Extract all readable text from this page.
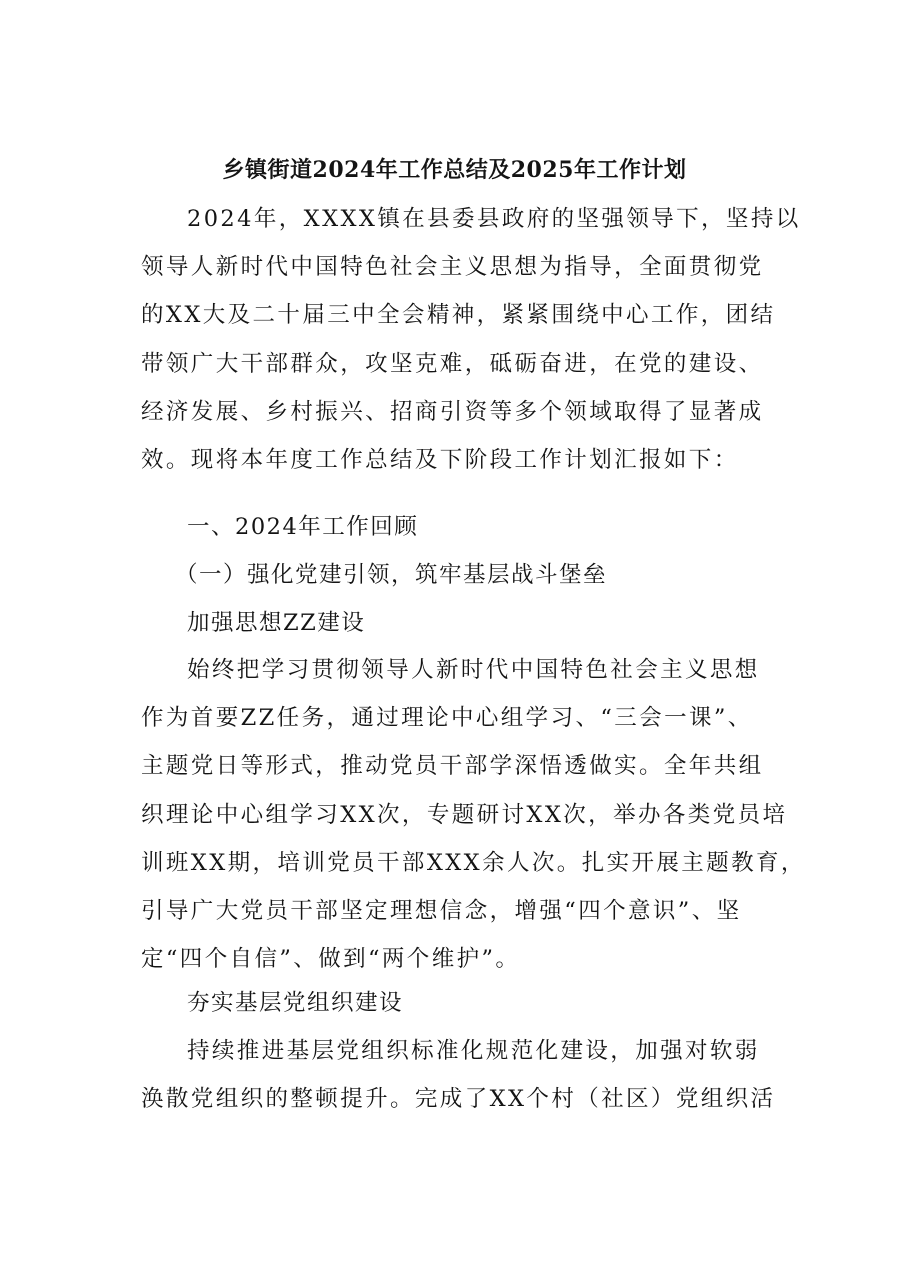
乡镇街道2024年工作总结及2025年工作计划
2024年，XXXX镇在县委县政府的坚强领导下，坚持以
领导人新时代中国特色社会主义思想为指导，全面贯彻党
的XX大及二十届三中全会精神，紧紧围绕中心工作，团结
带领广大干部群众，攻坚克难，砥砺奋进，在党的建设、
经济发展、乡村振兴、招商引资等多个领域取得了显著成
效。现将本年度工作总结及下阶段工作计划汇报如下：
一、2024年工作回顾
（一）强化党建引领，筑牢基层战斗堡垒
加强思想ZZ建设
始终把学习贯彻领导人新时代中国特色社会主义思想
作为首要ZZ任务，通过理论中心组学习、“三会一课”、
主题党日等形式，推动党员干部学深悟透做实。全年共组
织理论中心组学习XX次，专题研讨XX次，举办各类党员培
训班XX期，培训党员干部XXX余人次。扎实开展主题教育，
引导广大党员干部坚定理想信念，增强“四个意识”、坚
定“四个自信”、做到“两个维护”。
夯实基层党组织建设
持续推进基层党组织标准化规范化建设，加强对软弱
涣散党组织的整顿提升。完成了XX个村（社区）党组织活
